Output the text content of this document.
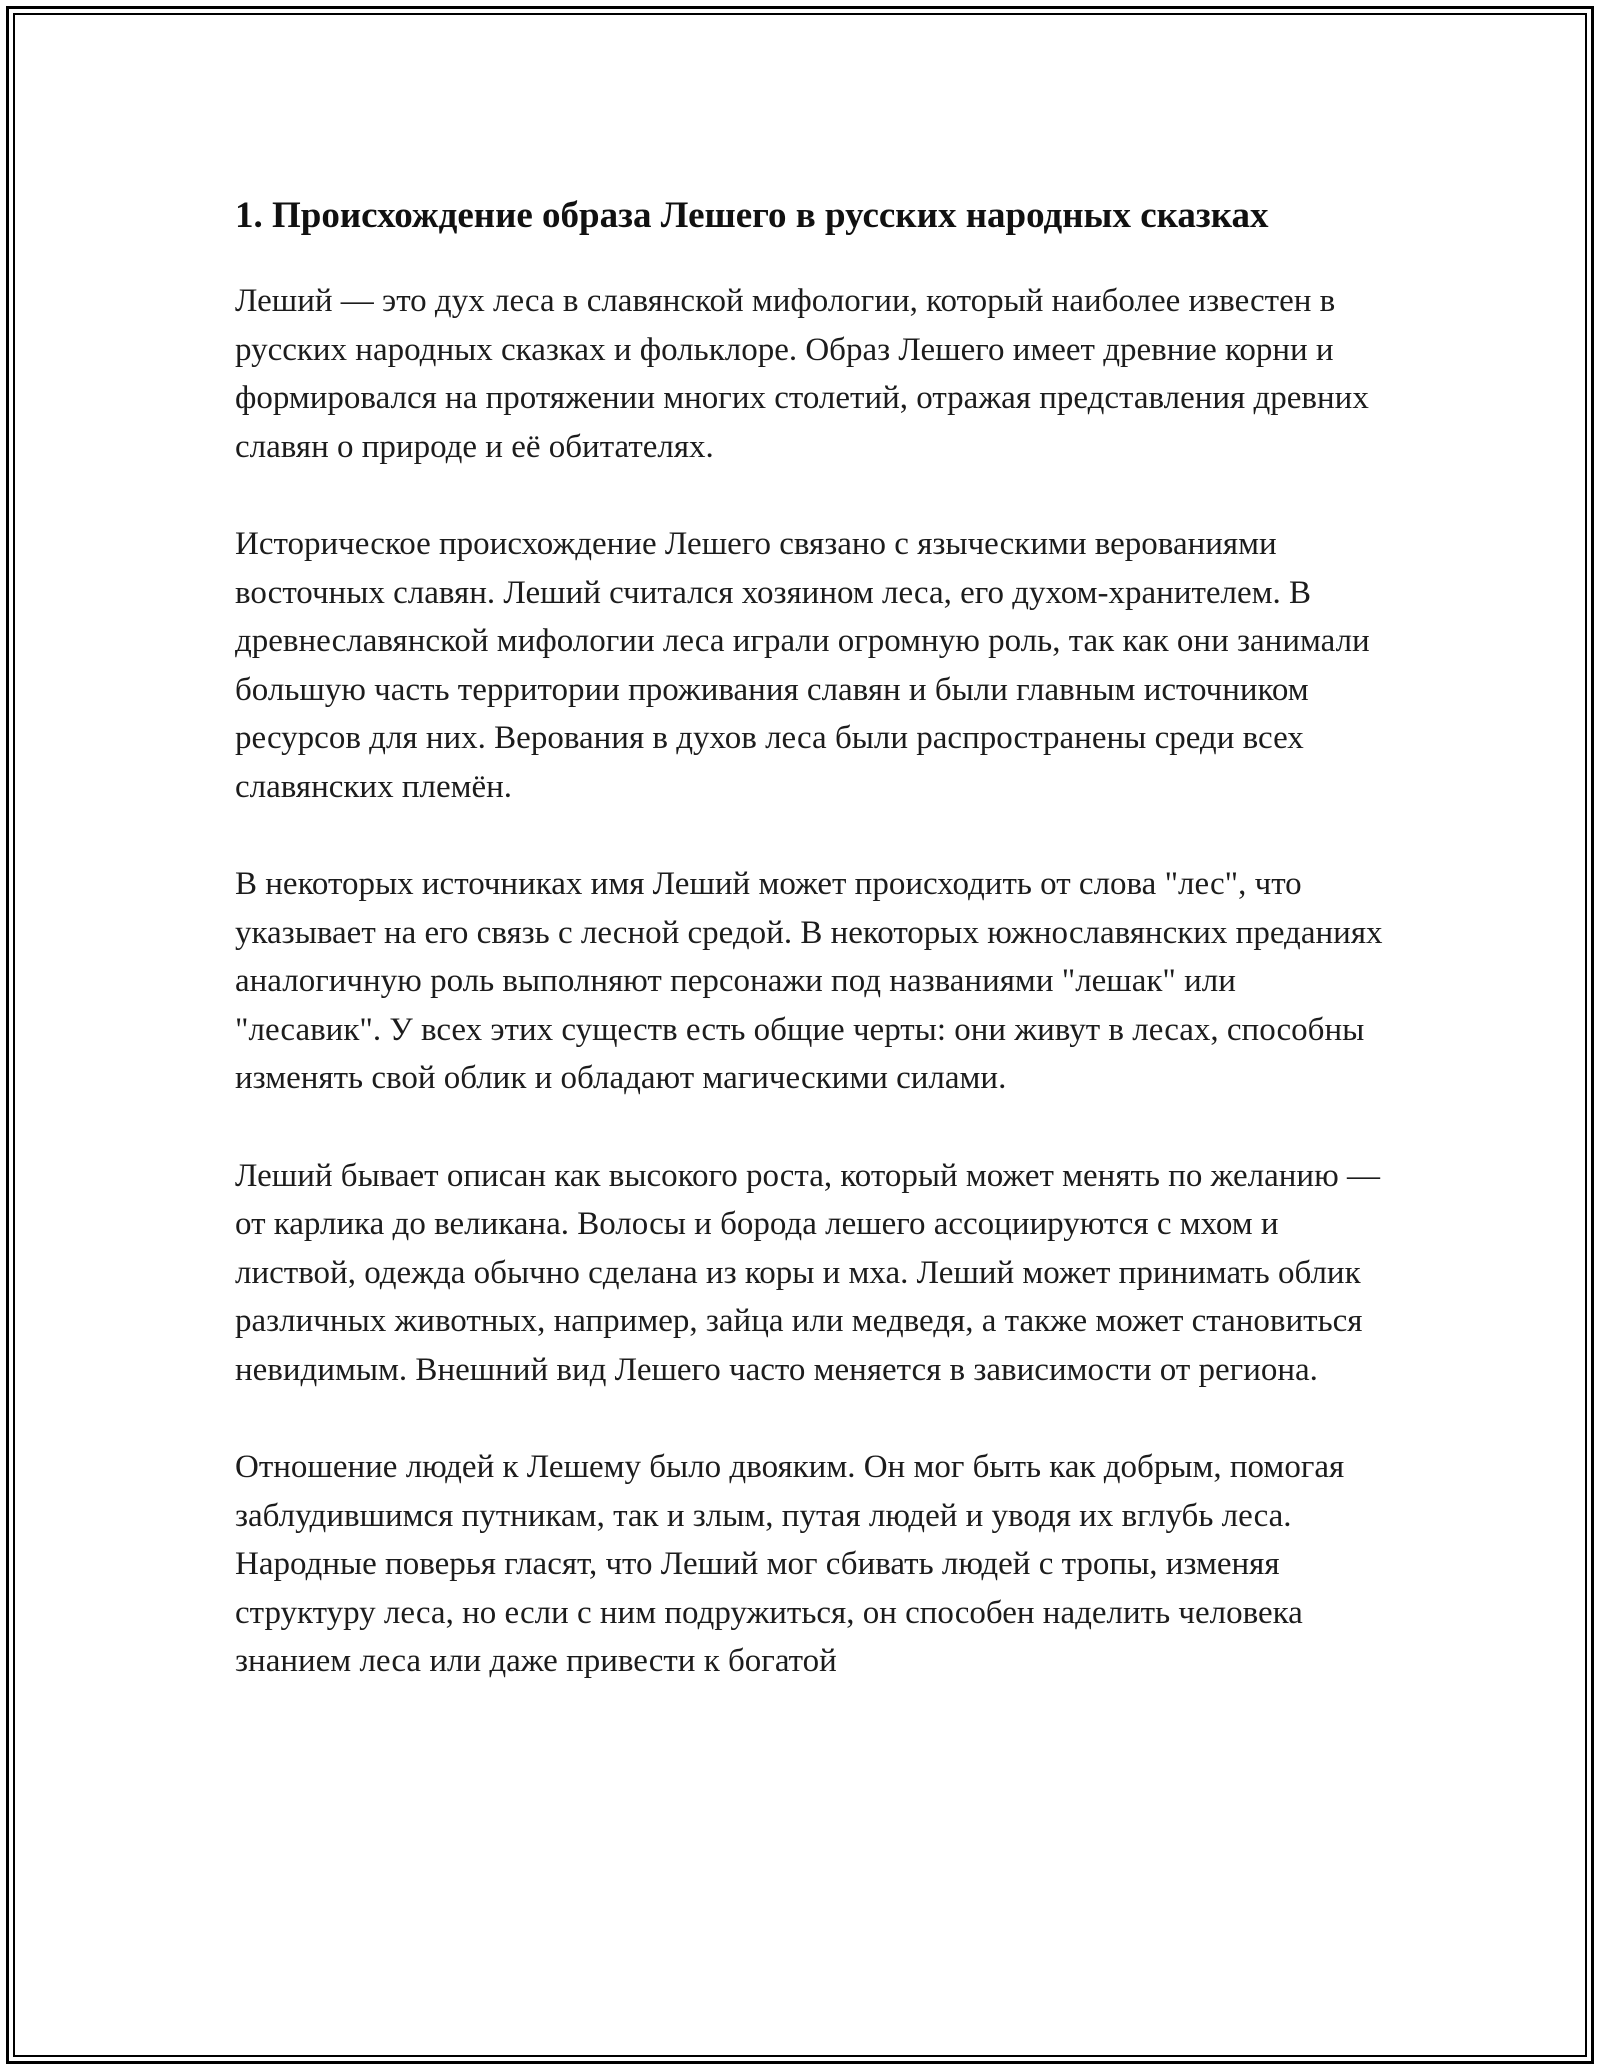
1. Происхождение образа Лешего в русских народных сказках

Леший — это дух леса в славянской мифологии, который наиболее известен в русских народных сказках и фольклоре. Образ Лешего имеет древние корни и формировался на протяжении многих столетий, отражая представления древних славян о природе и её обитателях.

Историческое происхождение Лешего связано с языческими верованиями восточных славян. Леший считался хозяином леса, его духом-хранителем. В древнеславянской мифологии леса играли огромную роль, так как они занимали большую часть территории проживания славян и были главным источником ресурсов для них. Верования в духов леса были распространены среди всех славянских племён.

В некоторых источниках имя Леший может происходить от слова "лес", что указывает на его связь с лесной средой. В некоторых южнославянских преданиях аналогичную роль выполняют персонажи под названиями "лешак" или "лесавик". У всех этих существ есть общие черты: они живут в лесах, способны изменять свой облик и обладают магическими силами.

Леший бывает описан как высокого роста, который может менять по желанию — от карлика до великана. Волосы и борода лешего ассоциируются с мхом и листвой, одежда обычно сделана из коры и мха. Леший может принимать облик различных животных, например, зайца или медведя, а также может становиться невидимым. Внешний вид Лешего часто меняется в зависимости от региона.

Отношение людей к Лешему было двояким. Он мог быть как добрым, помогая заблудившимся путникам, так и злым, путая людей и уводя их вглубь леса. Народные поверья гласят, что Леший мог сбивать людей с тропы, изменяя структуру леса, но если с ним подружиться, он способен наделить человека знанием леса или даже привести к богатой
